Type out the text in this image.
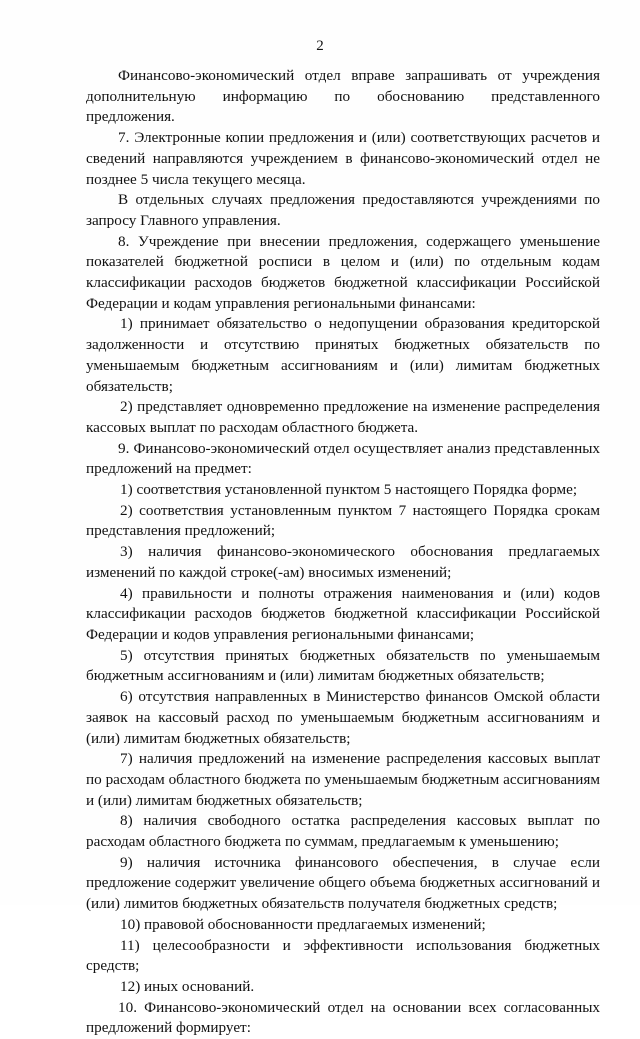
2

Финансово-экономический отдел вправе запрашивать от учреждения дополнительную информацию по обоснованию представленного предложения.

7. Электронные копии предложения и (или) соответствующих расчетов и сведений направляются учреждением в финансово-экономический отдел не позднее 5 числа текущего месяца.

В отдельных случаях предложения предоставляются учреждениями по запросу Главного управления.

8. Учреждение при внесении предложения, содержащего уменьшение показателей бюджетной росписи в целом и (или) по отдельным кодам классификации расходов бюджетов бюджетной классификации Российской Федерации и кодам управления региональными финансами:

1) принимает обязательство о недопущении образования кредиторской задолженности и отсутствию принятых бюджетных обязательств по уменьшаемым бюджетным ассигнованиям и (или) лимитам бюджетных обязательств;

2) представляет одновременно предложение на изменение распределения кассовых выплат по расходам областного бюджета.

9. Финансово-экономический отдел осуществляет анализ представленных предложений на предмет:

1) соответствия установленной пунктом 5 настоящего Порядка форме;

2) соответствия установленным пунктом 7 настоящего Порядка срокам представления предложений;

3) наличия финансово-экономического обоснования предлагаемых изменений по каждой строке(-ам) вносимых изменений;

4) правильности и полноты отражения наименования и (или) кодов классификации расходов бюджетов бюджетной классификации Российской Федерации и кодов управления региональными финансами;

5) отсутствия принятых бюджетных обязательств по уменьшаемым бюджетным ассигнованиям и (или) лимитам бюджетных обязательств;

6) отсутствия направленных в Министерство финансов Омской области заявок на кассовый расход по уменьшаемым бюджетным ассигнованиям и (или) лимитам бюджетных обязательств;

7) наличия предложений на изменение распределения кассовых выплат по расходам областного бюджета по уменьшаемым бюджетным ассигнованиям и (или) лимитам бюджетных обязательств;

8) наличия свободного остатка распределения кассовых выплат по расходам областного бюджета по суммам, предлагаемым к уменьшению;

9) наличия источника финансового обеспечения, в случае если предложение содержит увеличение общего объема бюджетных ассигнований и (или) лимитов бюджетных обязательств получателя бюджетных средств;

10) правовой обоснованности предлагаемых изменений;

11) целесообразности и эффективности использования бюджетных средств;

12) иных оснований.

10. Финансово-экономический отдел на основании всех согласованных предложений формирует:
